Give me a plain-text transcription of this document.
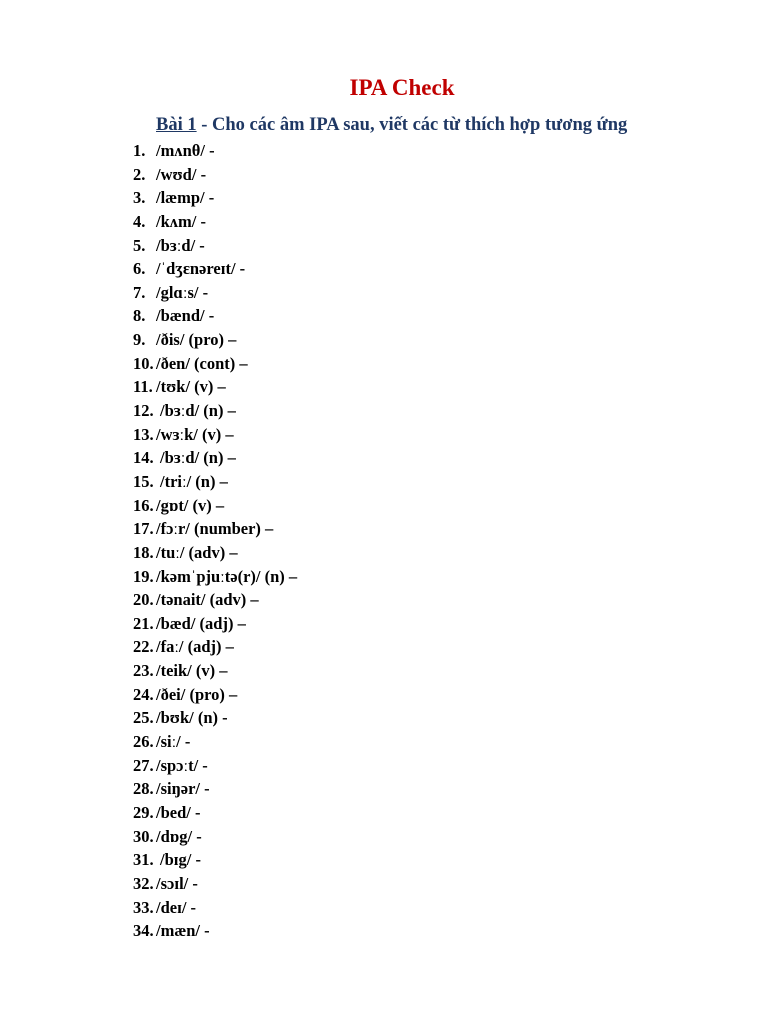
IPA Check
Bài 1 - Cho các âm IPA sau, viết các từ thích hợp tương ứng
1. /mʌnθ/ -
2. /wʊd/ -
3. /læmp/ -
4. /kʌm/ -
5. /bɜːd/ -
6. /ˈdʒɛnəreɪt/ -
7. /glɑːs/ -
8. /bænd/ -
9. /ðis/ (pro) –
10. /ðen/ (cont) –
11. /tʊk/ (v) –
12. /bɜːd/ (n) –
13. /wɜːk/ (v) –
14. /bɜːd/ (n) –
15. /triː/ (n) –
16. /gɒt/ (v) –
17. /fɔːr/ (number) –
18. /tuː/ (adv) –
19. /kəmˈpjuːtə(r)/ (n) –
20. /tənait/ (adv) –
21. /bæd/ (adj) –
22. /faː/ (adj) –
23. /teik/ (v) –
24. /ðei/ (pro) –
25. /bʊk/ (n) -
26. /siː/ -
27. /spɔːt/ -
28. /siŋər/ -
29. /bed/ -
30. /dɒg/ -
31. /bɪg/ -
32. /sɔɪl/ -
33. /deɪ/ -
34. /mæn/ -
